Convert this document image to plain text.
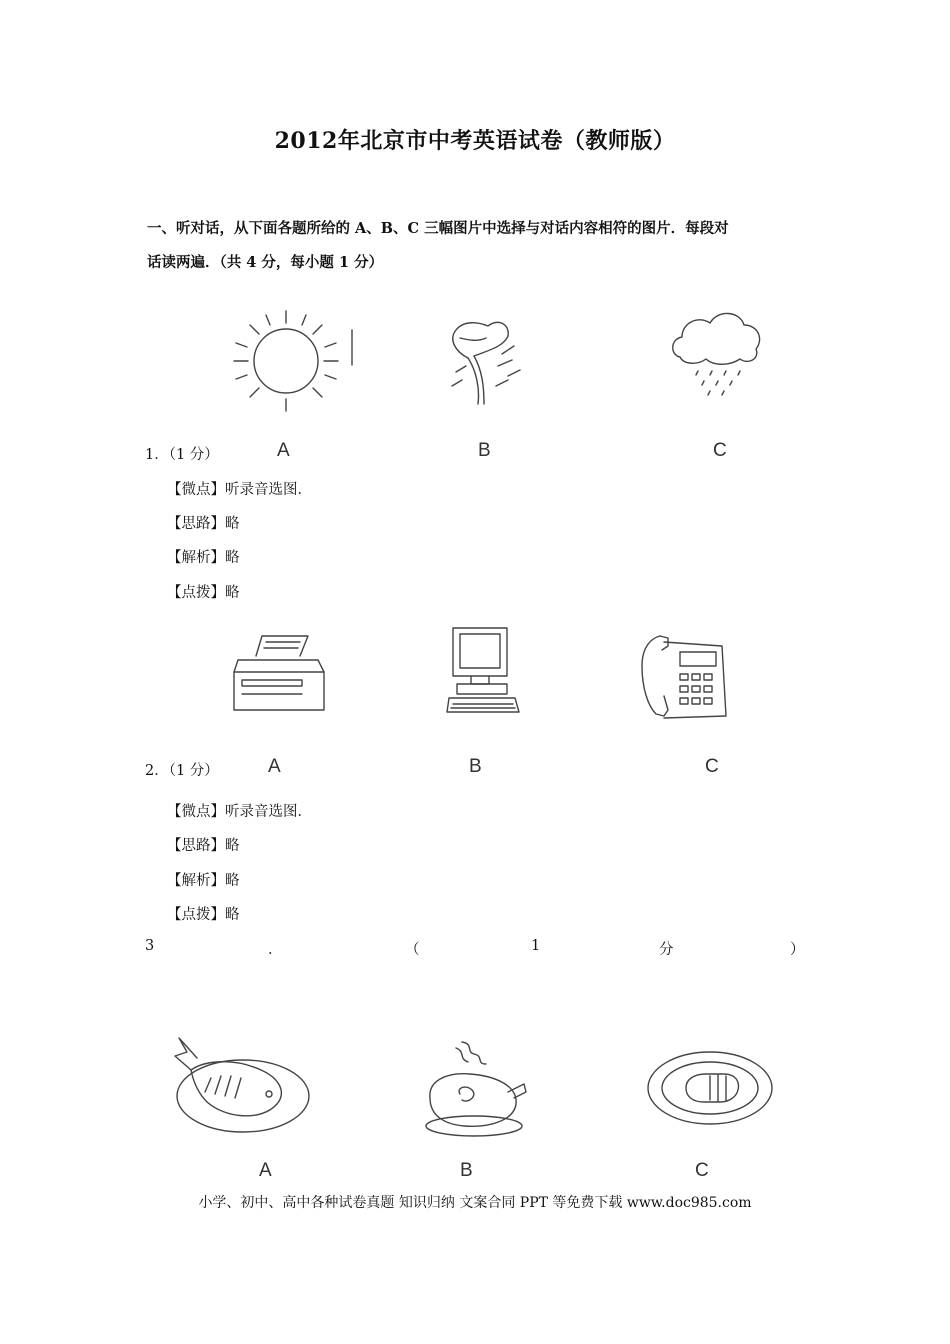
2012年北京市中考英语试卷（教师版）
一、听对话，从下面各题所给的 A、B、C 三幅图片中选择与对话内容相符的图片．每段对
话读两遍．（共 4 分，每小题 1 分）
1．（1 分）	A	B	C
【微点】听录音选图．
【思路】略
【解析】略
【点拨】略
2．（1 分）	A	B	C
【微点】听录音选图．
【思路】略
【解析】略
【点拨】略
3	．	（	1	分	）
A	B	C
小学、初中、高中各种试卷真题 知识归纳 文案合同 PPT 等免费下载 www.doc985.com
